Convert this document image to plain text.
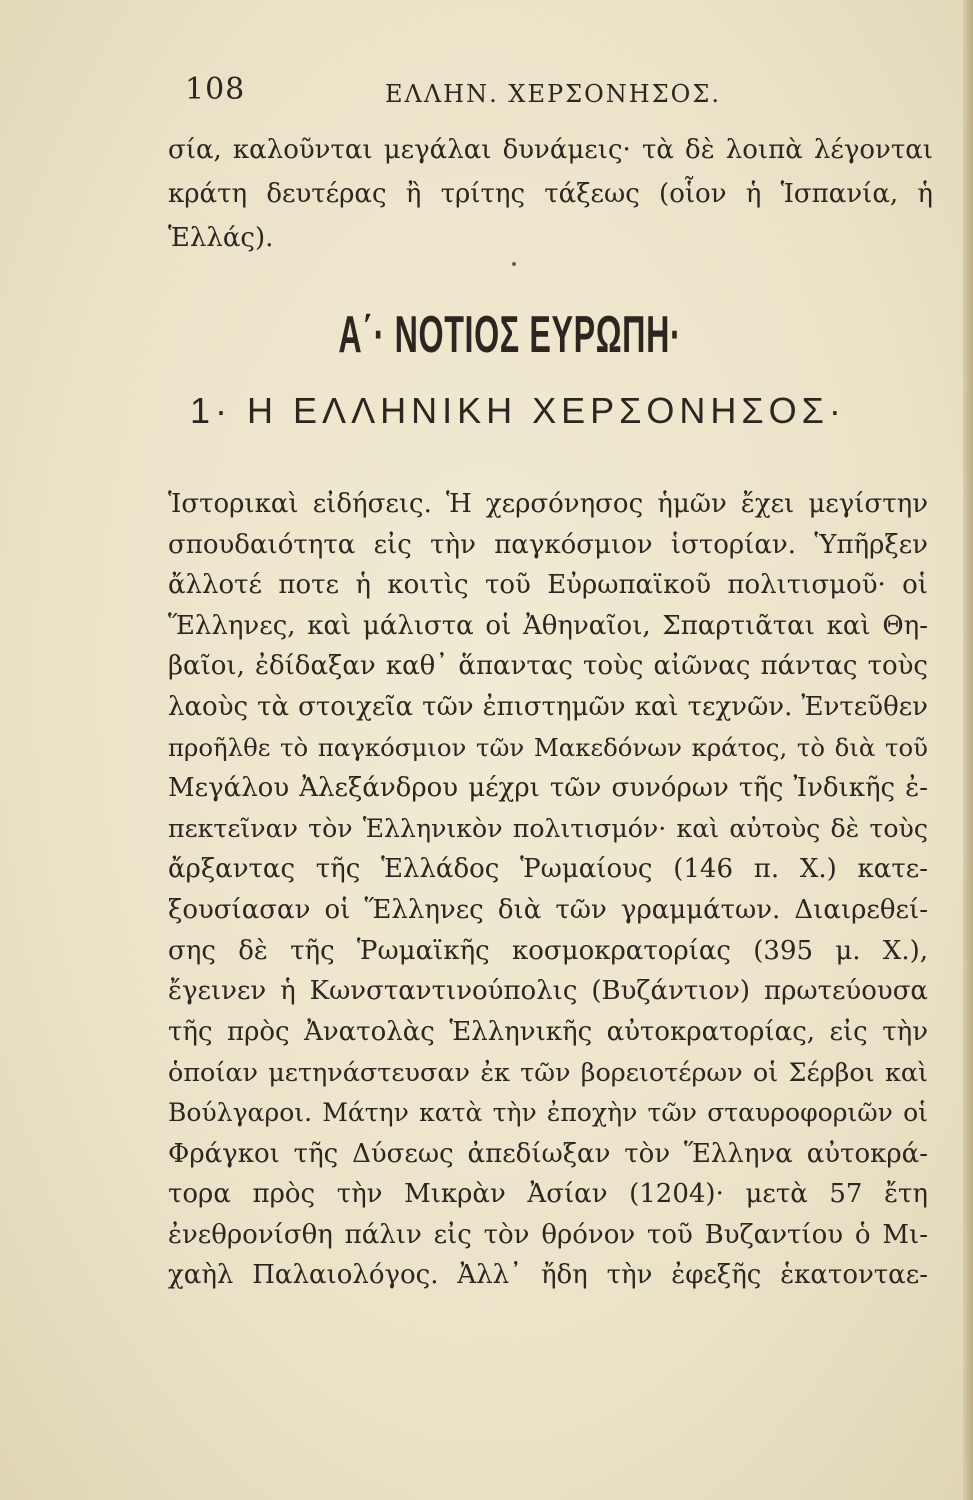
108	ΕΛΛΗΝ. ΧΕΡΣΟΝΗΣΟΣ.
σία, καλοῦνται μεγάλαι δυνάμεις· τὰ δὲ λοιπὰ λέγονται
κράτη δευτέρας ἢ τρίτης τάξεως (οἷον ἡ Ἱσπανία, ἡ
Ἑλλάς).
Α΄· ΝΟΤΙΟΣ ΕΥΡΩΠΗ·
1· Η ΕΛΛΗΝΙΚΗ ΧΕΡΣΟΝΗΣΟΣ·
Ἱστορικαὶ εἰδήσεις. Ἡ χερσόνησος ἡμῶν ἔχει μεγίστην
σπουδαιότητα εἰς τὴν παγκόσμιον ἱστορίαν. Ὑπῆρξεν
ἄλλοτέ ποτε ἡ κοιτὶς τοῦ Εὐρωπαϊκοῦ πολιτισμοῦ· οἱ
Ἕλληνες, καὶ μάλιστα οἱ Ἀθηναῖοι, Σπαρτιᾶται καὶ Θη-
βαῖοι, ἐδίδαξαν καθ᾽ ἅπαντας τοὺς αἰῶνας πάντας τοὺς
λαοὺς τὰ στοιχεῖα τῶν ἐπιστημῶν καὶ τεχνῶν. Ἐντεῦθεν
προῆλθε τὸ παγκόσμιον τῶν Μακεδόνων κράτος, τὸ διὰ τοῦ
Μεγάλου Ἀλεξάνδρου μέχρι τῶν συνόρων τῆς Ἰνδικῆς ἐ-
πεκτεῖναν τὸν Ἑλληνικὸν πολιτισμόν· καὶ αὐτοὺς δὲ τοὺς
ἄρξαντας τῆς Ἑλλάδος Ῥωμαίους (146 π. Χ.) κατε-
ξουσίασαν οἱ Ἕλληνες διὰ τῶν γραμμάτων. Διαιρεθεί-
σης δὲ τῆς Ῥωμαϊκῆς κοσμοκρατορίας (395 μ. Χ.),
ἔγεινεν ἡ Κωνσταντινούπολις (Βυζάντιον) πρωτεύουσα
τῆς πρὸς Ἀνατολὰς Ἑλληνικῆς αὐτοκρατορίας, εἰς τὴν
ὁποίαν μετηνάστευσαν ἐκ τῶν βορειοτέρων οἱ Σέρβοι καὶ
Βούλγαροι. Μάτην κατὰ τὴν ἐποχὴν τῶν σταυροφοριῶν οἱ
Φράγκοι τῆς Δύσεως ἀπεδίωξαν τὸν Ἕλληνα αὐτοκρά-
τορα πρὸς τὴν Μικρὰν Ἀσίαν (1204)· μετὰ 57 ἔτη
ἐνεθρονίσθη πάλιν εἰς τὸν θρόνον τοῦ Βυζαντίου ὁ Μι-
χαὴλ Παλαιολόγος. Ἀλλ᾽ ἤδη τὴν ἐφεξῆς ἑκατονταε-
